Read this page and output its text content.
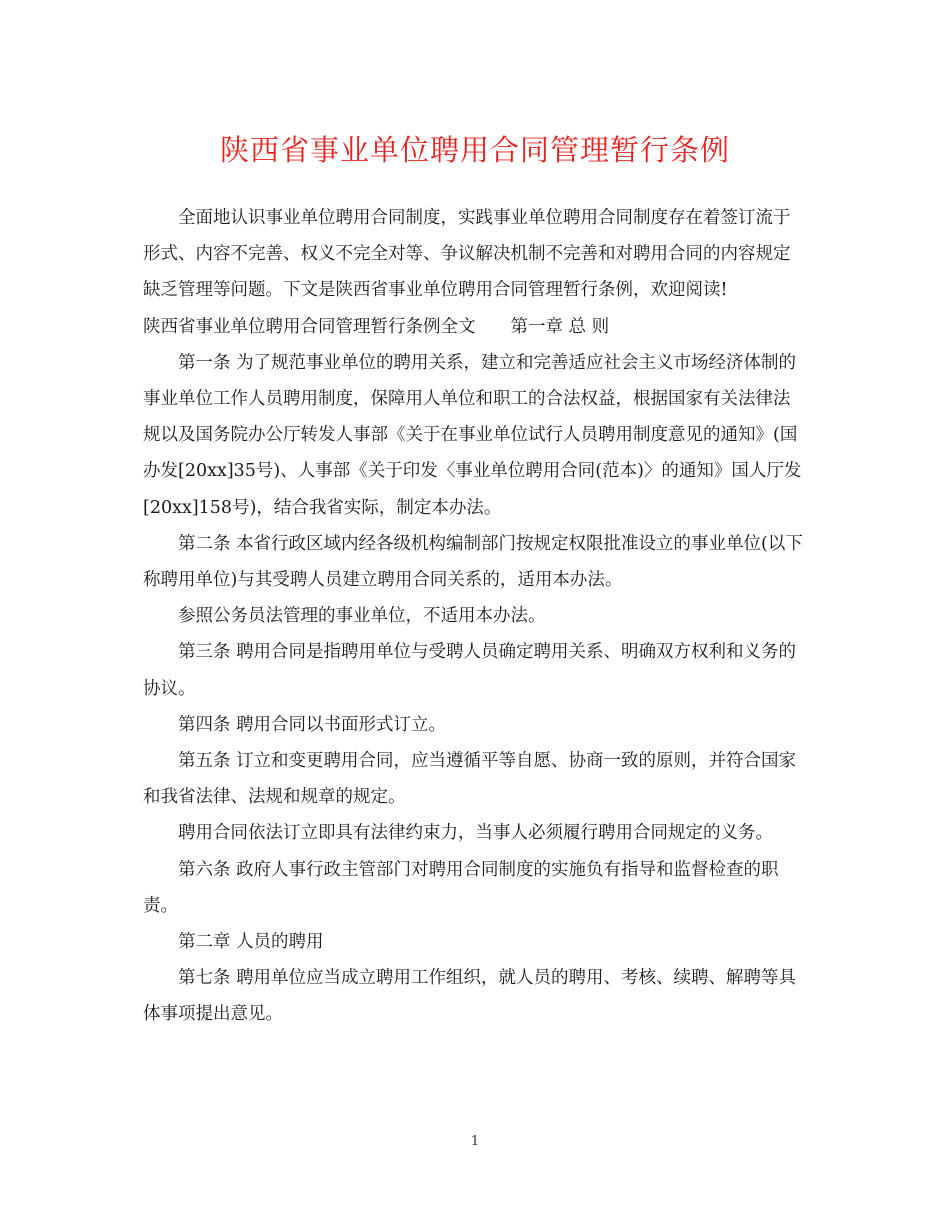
陕西省事业单位聘用合同管理暂行条例

全面地认识事业单位聘用合同制度，实践事业单位聘用合同制度存在着签订流于形式、内容不完善、权义不完全对等、争议解决机制不完善和对聘用合同的内容规定缺乏管理等问题。下文是陕西省事业单位聘用合同管理暂行条例，欢迎阅读!

陕西省事业单位聘用合同管理暂行条例全文　　第一章 总 则

第一条 为了规范事业单位的聘用关系，建立和完善适应社会主义市场经济体制的事业单位工作人员聘用制度，保障用人单位和职工的合法权益，根据国家有关法律法规以及国务院办公厅转发人事部《关于在事业单位试行人员聘用制度意见的通知》(国办发[20xx]35号)、人事部《关于印发〈事业单位聘用合同(范本)〉的通知》国人厅发[20xx]158号)，结合我省实际，制定本办法。

第二条 本省行政区域内经各级机构编制部门按规定权限批准设立的事业单位(以下称聘用单位)与其受聘人员建立聘用合同关系的，适用本办法。

参照公务员法管理的事业单位，不适用本办法。

第三条 聘用合同是指聘用单位与受聘人员确定聘用关系、明确双方权利和义务的协议。

第四条 聘用合同以书面形式订立。

第五条 订立和变更聘用合同，应当遵循平等自愿、协商一致的原则，并符合国家和我省法律、法规和规章的规定。

聘用合同依法订立即具有法律约束力，当事人必须履行聘用合同规定的义务。

第六条 政府人事行政主管部门对聘用合同制度的实施负有指导和监督检查的职责。

第二章 人员的聘用

第七条 聘用单位应当成立聘用工作组织，就人员的聘用、考核、续聘、解聘等具体事项提出意见。

1
